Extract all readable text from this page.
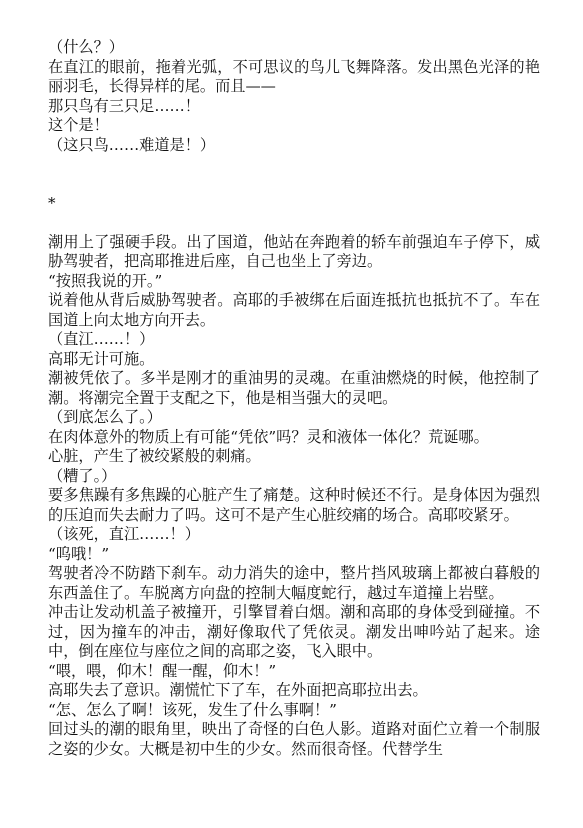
（什么？）

在直江的眼前，拖着光弧，不可思议的鸟儿飞舞降落。发出黑色光泽的艳丽羽毛，长得异样的尾。而且——

那只鸟有三只足……！

这个是！

（这只鸟……难道是！）

*

潮用上了强硬手段。出了国道，他站在奔跑着的轿车前强迫车子停下，威胁驾驶者，把高耶推进后座，自己也坐上了旁边。

“按照我说的开。”

说着他从背后威胁驾驶者。高耶的手被绑在后面连抵抗也抵抗不了。车在国道上向太地方向开去。

（直江……！）

高耶无计可施。

潮被凭依了。多半是刚才的重油男的灵魂。在重油燃烧的时候，他控制了潮。将潮完全置于支配之下，他是相当强大的灵吧。

（到底怎么了。）

在肉体意外的物质上有可能“凭依”吗？灵和液体一体化？荒诞哪。

心脏，产生了被绞紧般的刺痛。

（糟了。）

要多焦躁有多焦躁的心脏产生了痛楚。这种时候还不行。是身体因为强烈的压迫而失去耐力了吗。这可不是产生心脏绞痛的场合。高耶咬紧牙。

（该死，直江……！）

“呜哦！”

驾驶者冷不防踏下刹车。动力消失的途中，整片挡风玻璃上都被白暮般的东西盖住了。车脱离方向盘的控制大幅度蛇行，越过车道撞上岩壁。

冲击让发动机盖子被撞开，引擎冒着白烟。潮和高耶的身体受到碰撞。不过，因为撞车的冲击，潮好像取代了凭依灵。潮发出呻吟站了起来。途中，倒在座位与座位之间的高耶之姿，飞入眼中。

“喂，喂，仰木！醒一醒，仰木！”

高耶失去了意识。潮慌忙下了车，在外面把高耶拉出去。

“怎、怎么了啊！该死，发生了什么事啊！”

回过头的潮的眼角里，映出了奇怪的白色人影。道路对面伫立着一个制服之姿的少女。大概是初中生的少女。然而很奇怪。代替学生
